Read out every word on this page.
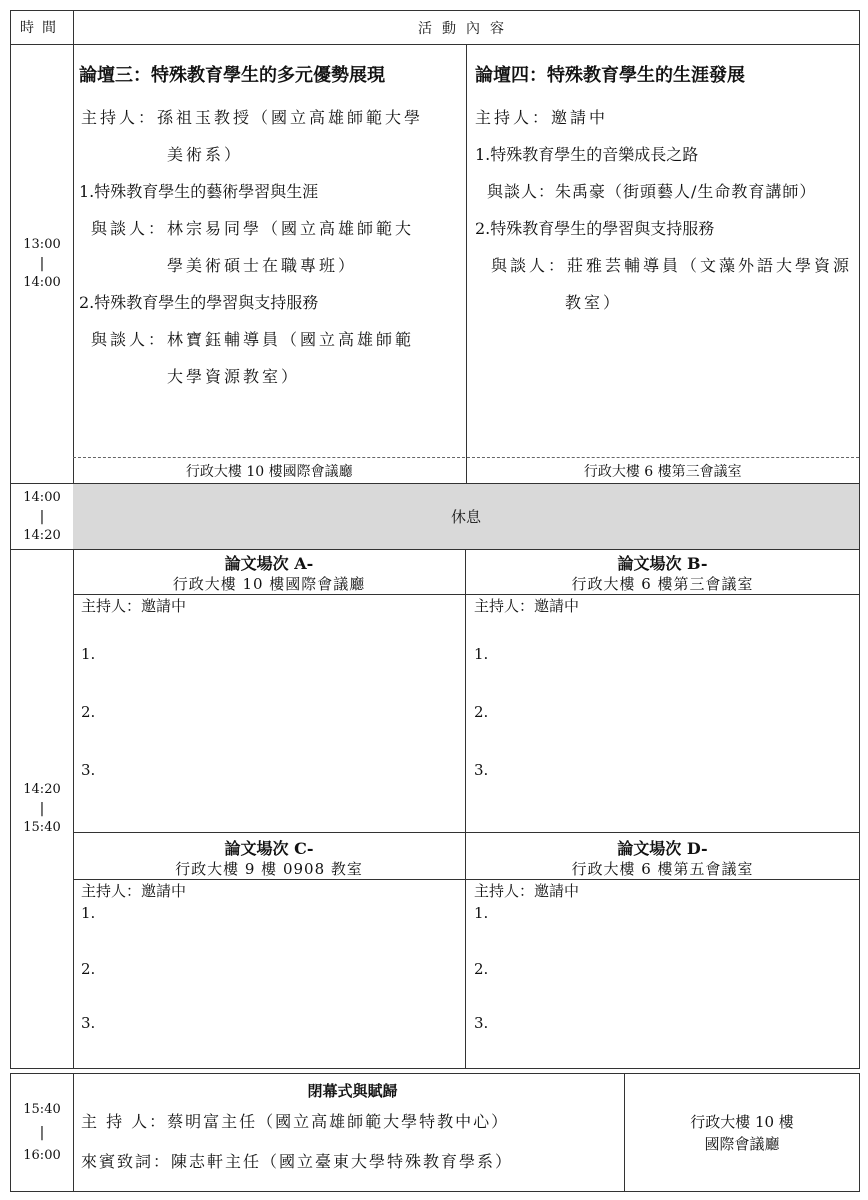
時間	活動內容
13:00
|
14:00
論壇三：特殊教育學生的多元優勢展現
主持人：孫祖玉教授（國立高雄師範大學
美術系）
1.特殊教育學生的藝術學習與生涯
與談人：林宗易同學（國立高雄師範大
學美術碩士在職專班）
2.特殊教育學生的學習與支持服務
與談人：林寶鈺輔導員（國立高雄師範
大學資源教室）
論壇四：特殊教育學生的生涯發展
主持人：邀請中
1.特殊教育學生的音樂成長之路
與談人：朱禹豪（街頭藝人/生命教育講師）
2.特殊教育學生的學習與支持服務
與談人：莊雅芸輔導員（文藻外語大學資源
教室）
行政大樓 10 樓國際會議廳	行政大樓 6 樓第三會議室
14:00
|
14:20
休息
14:20
|
15:40
論文場次 A-
行政大樓 10 樓國際會議廳
主持人：邀請中
1.
2.
3.
論文場次 B-
行政大樓 6 樓第三會議室
主持人：邀請中
1.
2.
3.
論文場次 C-
行政大樓 9 樓 0908 教室
主持人：邀請中
1.
2.
3.
論文場次 D-
行政大樓 6 樓第五會議室
主持人：邀請中
1.
2.
3.
15:40
|
16:00
閉幕式與賦歸
主 持 人：蔡明富主任（國立高雄師範大學特教中心）
來賓致詞：陳志軒主任（國立臺東大學特殊教育學系）
行政大樓 10 樓
國際會議廳
